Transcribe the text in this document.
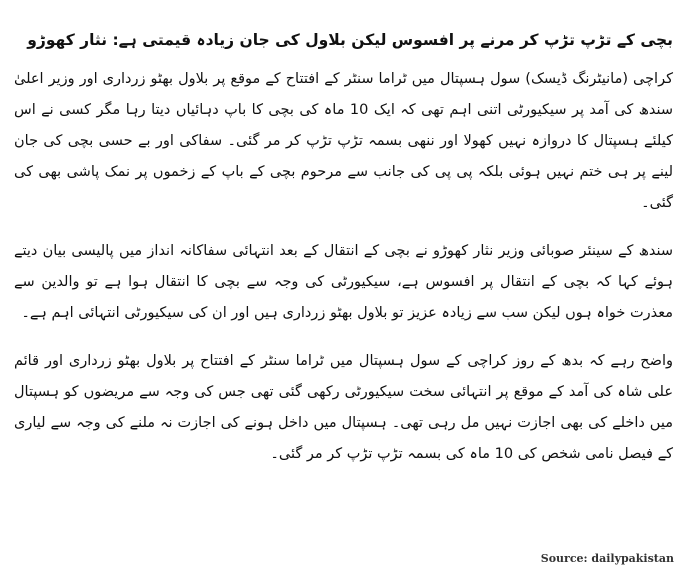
بچی کے تڑپ تڑپ کر مرنے پر افسوس لیکن بلاول کی جان زیادہ قیمتی ہے: نثار کھوڑو

کراچی (مانیٹرنگ ڈیسک) سول ہسپتال میں ٹراما سنٹر کے افتتاح کے موقع پر بلاول بھٹو زرداری اور وزیر اعلیٰ سندھ کی آمد پر سیکیورٹی اتنی اہم تھی کہ ایک 10 ماہ کی بچی کا باپ دہائیاں دیتا رہا مگر کسی نے اس کیلئے ہسپتال کا دروازہ نہیں کھولا اور ننھی بسمہ تڑپ تڑپ کر مر گئی۔ سفاکی اور بے حسی بچی کی جان لینے پر ہی ختم نہیں ہوئی بلکہ پی پی کی جانب سے مرحوم بچی کے باپ کے زخموں پر نمک پاشی بھی کی گئی۔

سندھ کے سینئر صوبائی وزیر نثار کھوڑو نے بچی کے انتقال کے بعد انتہائی سفاکانہ انداز میں پالیسی بیان دیتے ہوئے کہا کہ بچی کے انتقال پر افسوس ہے، سیکیورٹی کی وجہ سے بچی کا انتقال ہوا ہے تو والدین سے معذرت خواہ ہوں لیکن سب سے زیادہ عزیز تو بلاول بھٹو زرداری ہیں اور ان کی سیکیورٹی انتہائی اہم ہے۔

واضح رہے کہ بدھ کے روز کراچی کے سول ہسپتال میں ٹراما سنٹر کے افتتاح پر بلاول بھٹو زرداری اور قائم علی شاہ کی آمد کے موقع پر انتہائی سخت سیکیورٹی رکھی گئی تھی جس کی وجہ سے مریضوں کو ہسپتال میں داخلے کی بھی اجازت نہیں مل رہی تھی۔ ہسپتال میں داخل ہونے کی اجازت نہ ملنے کی وجہ سے لیاری کے فیصل نامی شخص کی 10 ماہ کی بسمہ تڑپ تڑپ کر مر گئی۔

Source: dailypakistan
